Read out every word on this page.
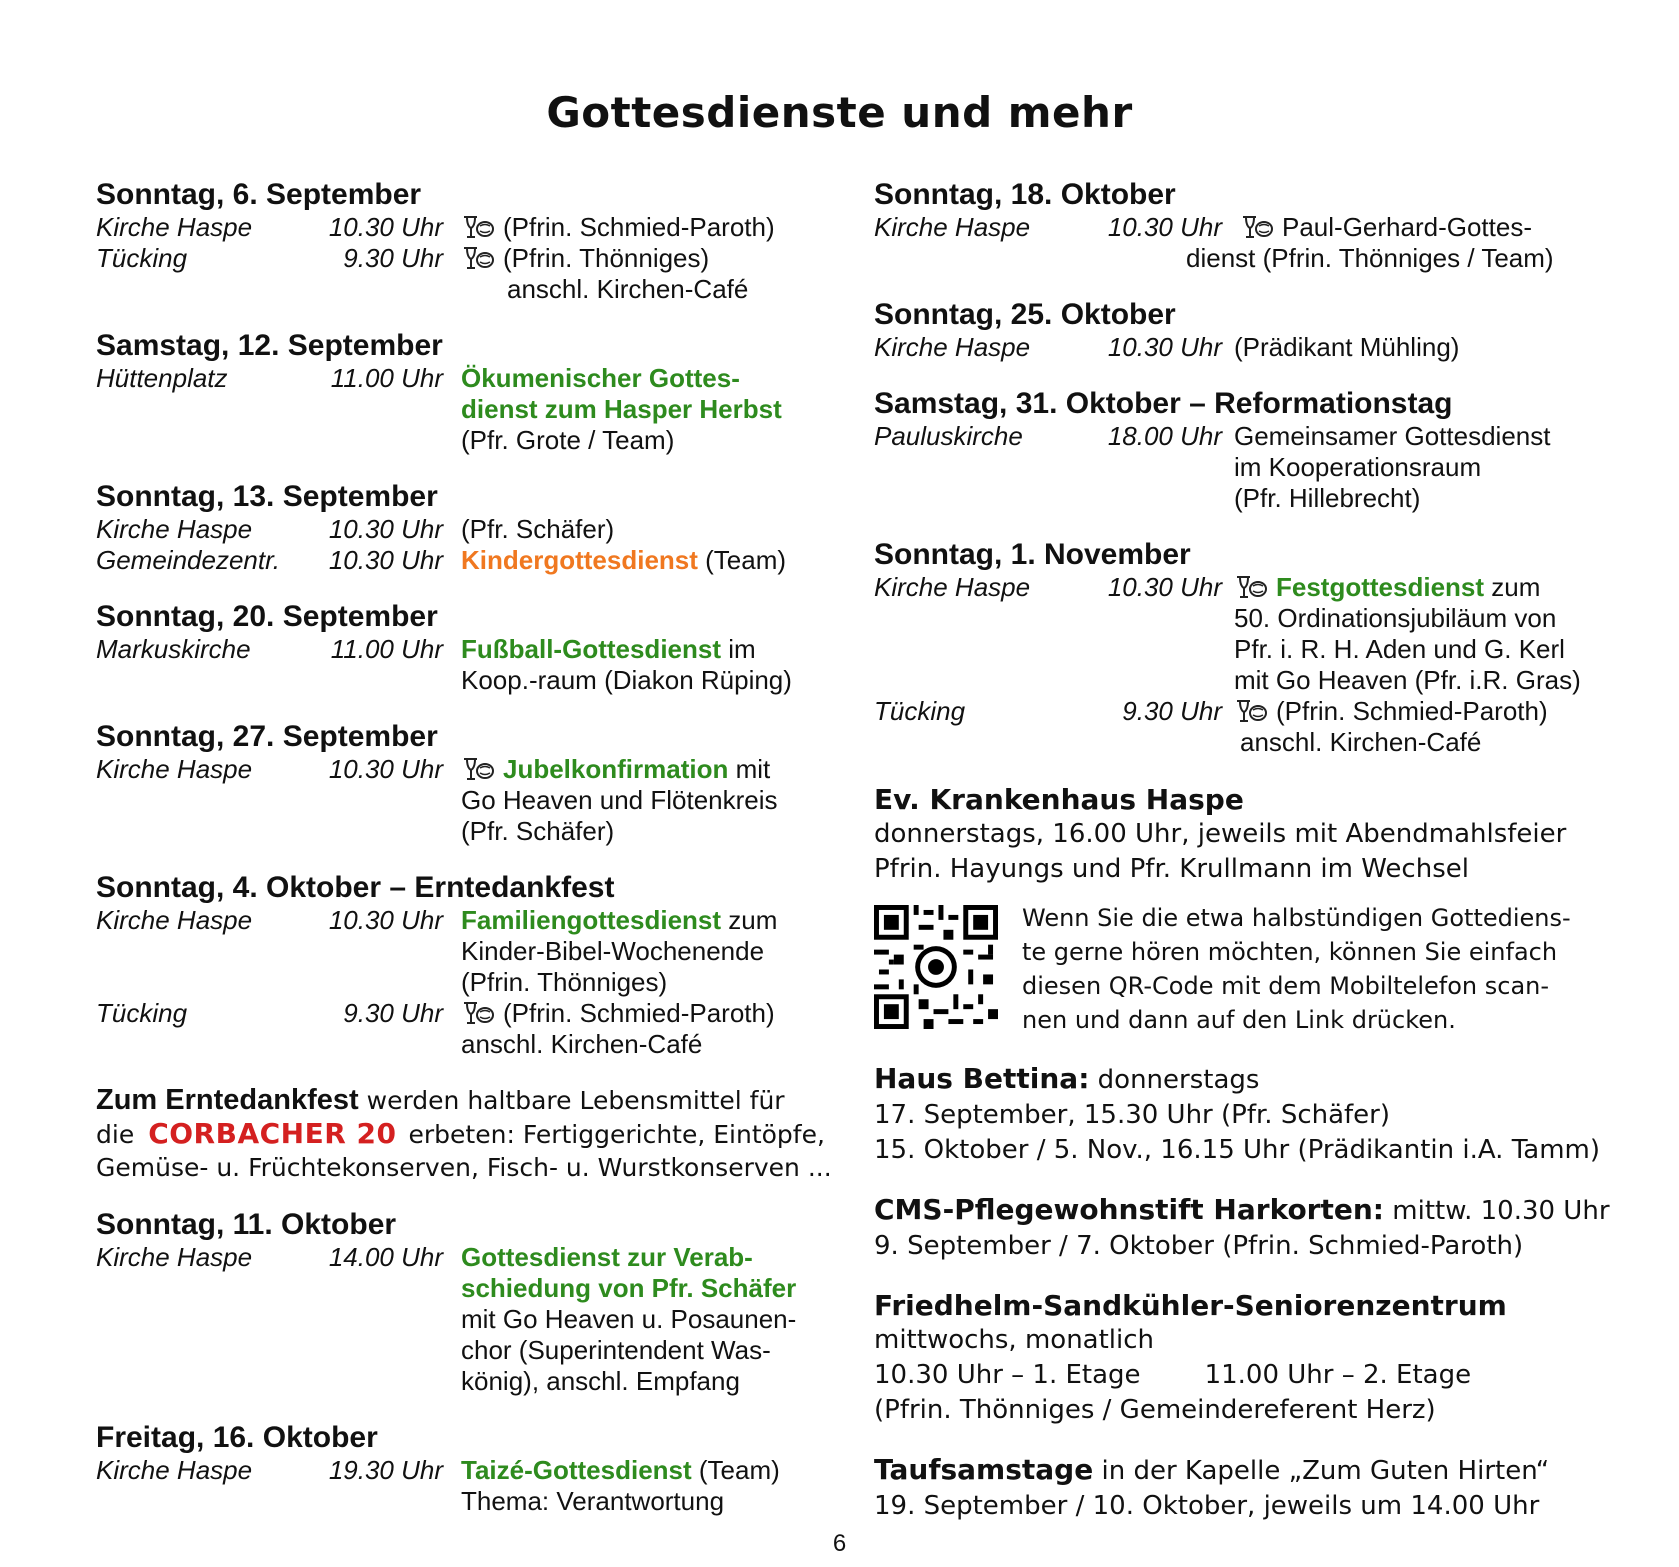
Gottesdienste und mehr
Sonntag, 6. September
Kirche Haspe	10.30 Uhr	(Pfrin. Schmied-Paroth)
Tücking	9.30 Uhr	(Pfrin. Thönniges)
anschl. Kirchen-Café
Samstag, 12. September
Hüttenplatz	11.00 Uhr Ökumenischer Gottes-
dienst zum Hasper Herbst
(Pfr. Grote / Team)
Sonntag, 13. September
Kirche Haspe	10.30 Uhr (Pfr. Schäfer)
Gemeindezentr.	10.30 Uhr Kindergottesdienst (Team)
Sonntag, 20. September
Markuskirche	11.00 Uhr Fußball-Gottesdienst im
Koop.-raum (Diakon Rüping)
Sonntag, 27. September
Kirche Haspe	10.30 Uhr	Jubelkonfirmation mit
Go Heaven und Flötenkreis
(Pfr. Schäfer)
Sonntag, 4. Oktober – Erntedankfest
Kirche Haspe	10.30 Uhr Familiengottesdienst zum
Kinder-Bibel-Wochenende
(Pfrin. Thönniges)
Tücking	9.30 Uhr	(Pfrin. Schmied-Paroth)
anschl. Kirchen-Café
Zum Erntedankfest werden haltbare Lebensmittel für
die CORBACHER 20 erbeten: Fertiggerichte, Eintöpfe,
Gemüse- u. Früchtekonserven, Fisch- u. Wurstkonserven ...
Sonntag, 11. Oktober
Kirche Haspe	14.00 Uhr Gottesdienst zur Verab-
schiedung von Pfr. Schäfer
mit Go Heaven u. Posaunen-
chor (Superintendent Was-
könig), anschl. Empfang
Freitag, 16. Oktober
Kirche Haspe	19.30 Uhr Taizé-Gottesdienst (Team)
Thema: Verantwortung
Sonntag, 18. Oktober
Kirche Haspe	10.30 Uhr	Paul-Gerhard-Gottes-
dienst (Pfrin. Thönniges / Team)
Sonntag, 25. Oktober
Kirche Haspe	10.30 Uhr (Prädikant Mühling)
Samstag, 31. Oktober – Reformationstag
Pauluskirche	18.00 Uhr Gemeinsamer Gottesdienst
im Kooperationsraum
(Pfr. Hillebrecht)
Sonntag, 1. November
Kirche Haspe	10.30 Uhr	Festgottesdienst zum
50. Ordinationsjubiläum von
Pfr. i. R. H. Aden und G. Kerl
mit Go Heaven (Pfr. i.R. Gras)
Tücking	9.30 Uhr	(Pfrin. Schmied-Paroth)
anschl. Kirchen-Café
Ev. Krankenhaus Haspe
donnerstags, 16.00 Uhr, jeweils mit Abendmahlsfeier
Pfrin. Hayungs und Pfr. Krullmann im Wechsel
Wenn Sie die etwa halbstündigen Gottediens-
te gerne hören möchten, können Sie einfach
diesen QR-Code mit dem Mobiltelefon scan-
nen und dann auf den Link drücken.
Haus Bettina: donnerstags
17. September, 15.30 Uhr (Pfr. Schäfer)
15. Oktober / 5. Nov., 16.15 Uhr (Prädikantin i.A. Tamm)
CMS-Pflegewohnstift Harkorten: mittw. 10.30 Uhr
9. September / 7. Oktober (Pfrin. Schmied-Paroth)
Friedhelm-Sandkühler-Seniorenzentrum
mittwochs, monatlich
10.30 Uhr – 1. Etage 11.00 Uhr – 2. Etage
(Pfrin. Thönniges / Gemeindereferent Herz)
Taufsamstage in der Kapelle „Zum Guten Hirten“
19. September / 10. Oktober, jeweils um 14.00 Uhr
6
